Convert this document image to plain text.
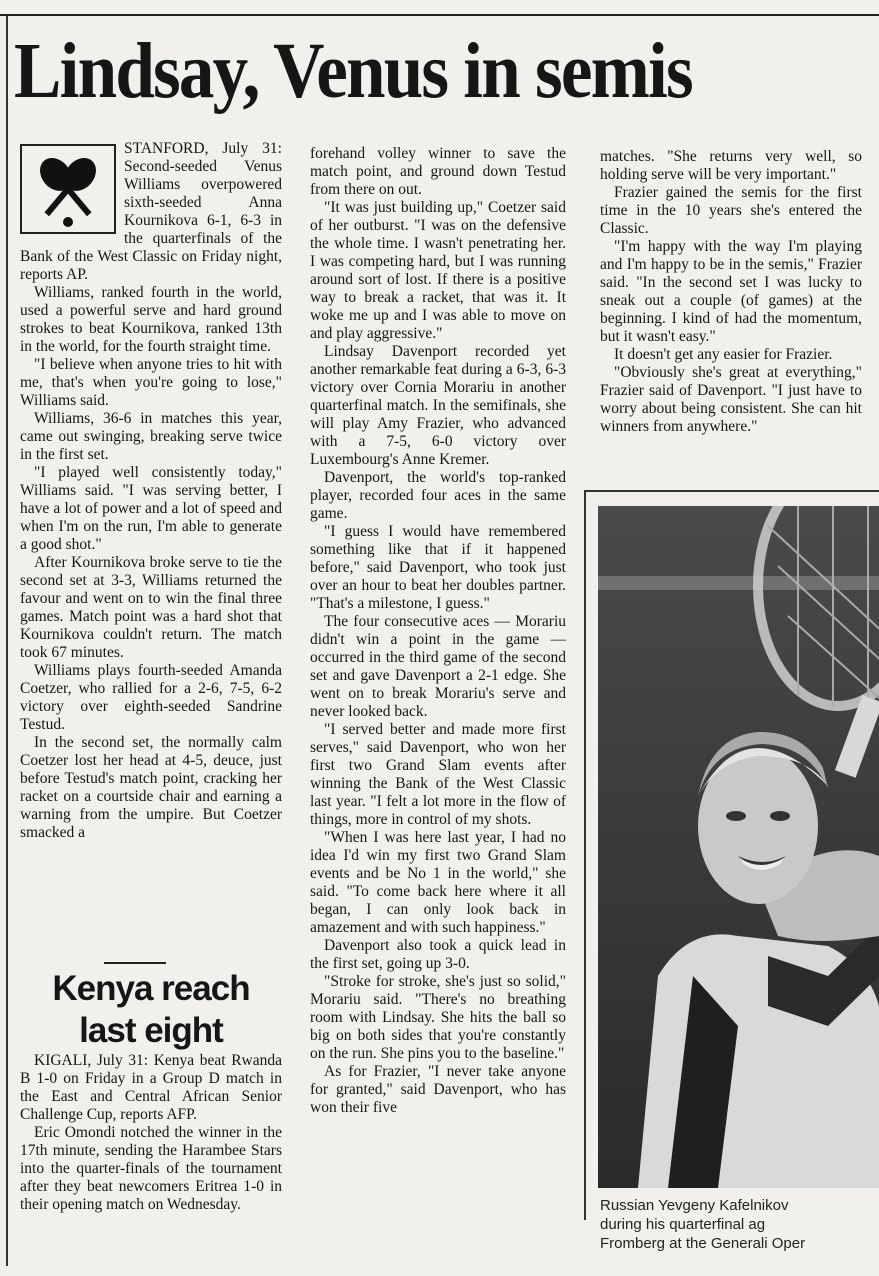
Lindsay, Venus in semis

STANFORD, July 31: Second-seeded Venus Williams overpowered sixth-seeded Anna Kournikova 6-1, 6-3 in the quarterfinals of the Bank of the West Classic on Friday night, reports AP.

Williams, ranked fourth in the world, used a powerful serve and hard ground strokes to beat Kournikova, ranked 13th in the world, for the fourth straight time.

"I believe when anyone tries to hit with me, that's when you're going to lose," Williams said.

Williams, 36-6 in matches this year, came out swinging, breaking serve twice in the first set.

"I played well consistently today," Williams said. "I was serving better, I have a lot of power and a lot of speed and when I'm on the run, I'm able to generate a good shot."

After Kournikova broke serve to tie the second set at 3-3, Williams returned the favour and went on to win the final three games. Match point was a hard shot that Kournikova couldn't return. The match took 67 minutes.

Williams plays fourth-seeded Amanda Coetzer, who rallied for a 2-6, 7-5, 6-2 victory over eighth-seeded Sandrine Testud.

In the second set, the normally calm Coetzer lost her head at 4-5, deuce, just before Testud's match point, cracking her racket on a courtside chair and earning a warning from the umpire. But Coetzer smacked a

Kenya reach last eight

KIGALI, July 31: Kenya beat Rwanda B 1-0 on Friday in a Group D match in the East and Central African Senior Challenge Cup, reports AFP.

Eric Omondi notched the winner in the 17th minute, sending the Harambee Stars into the quarter-finals of the tournament after they beat newcomers Eritrea 1-0 in their opening match on Wednesday.

forehand volley winner to save the match point, and ground down Testud from there on out.

"It was just building up," Coetzer said of her outburst. "I was on the defensive the whole time. I wasn't penetrating her. I was competing hard, but I was running around sort of lost. If there is a positive way to break a racket, that was it. It woke me up and I was able to move on and play aggressive."

Lindsay Davenport recorded yet another remarkable feat during a 6-3, 6-3 victory over Cornia Morariu in another quarterfinal match. In the semifinals, she will play Amy Frazier, who advanced with a 7-5, 6-0 victory over Luxembourg's Anne Kremer.

Davenport, the world's top-ranked player, recorded four aces in the same game.

"I guess I would have remembered something like that if it happened before," said Davenport, who took just over an hour to beat her doubles partner. "That's a milestone, I guess."

The four consecutive aces — Morariu didn't win a point in the game — occurred in the third game of the second set and gave Davenport a 2-1 edge. She went on to break Morariu's serve and never looked back.

"I served better and made more first serves," said Davenport, who won her first two Grand Slam events after winning the Bank of the West Classic last year. "I felt a lot more in the flow of things, more in control of my shots.

"When I was here last year, I had no idea I'd win my first two Grand Slam events and be No 1 in the world," she said. "To come back here where it all began, I can only look back in amazement and with such happiness."

Davenport also took a quick lead in the first set, going up 3-0.

"Stroke for stroke, she's just so solid," Morariu said. "There's no breathing room with Lindsay. She hits the ball so big on both sides that you're constantly on the run. She pins you to the baseline."

As for Frazier, "I never take anyone for granted," said Davenport, who has won their five

matches. "She returns very well, so holding serve will be very important."

Frazier gained the semis for the first time in the 10 years she's entered the Classic.

"I'm happy with the way I'm playing and I'm happy to be in the semis," Frazier said. "In the second set I was lucky to sneak out a couple (of games) at the beginning. I kind of had the momentum, but it wasn't easy."

It doesn't get any easier for Frazier.

"Obviously she's great at everything," Frazier said of Davenport. "I just have to worry about being consistent. She can hit winners from anywhere."

Russian Yevgeny Kafelnikov
during his quarterfinal ag
Fromberg at the Generali Oper
